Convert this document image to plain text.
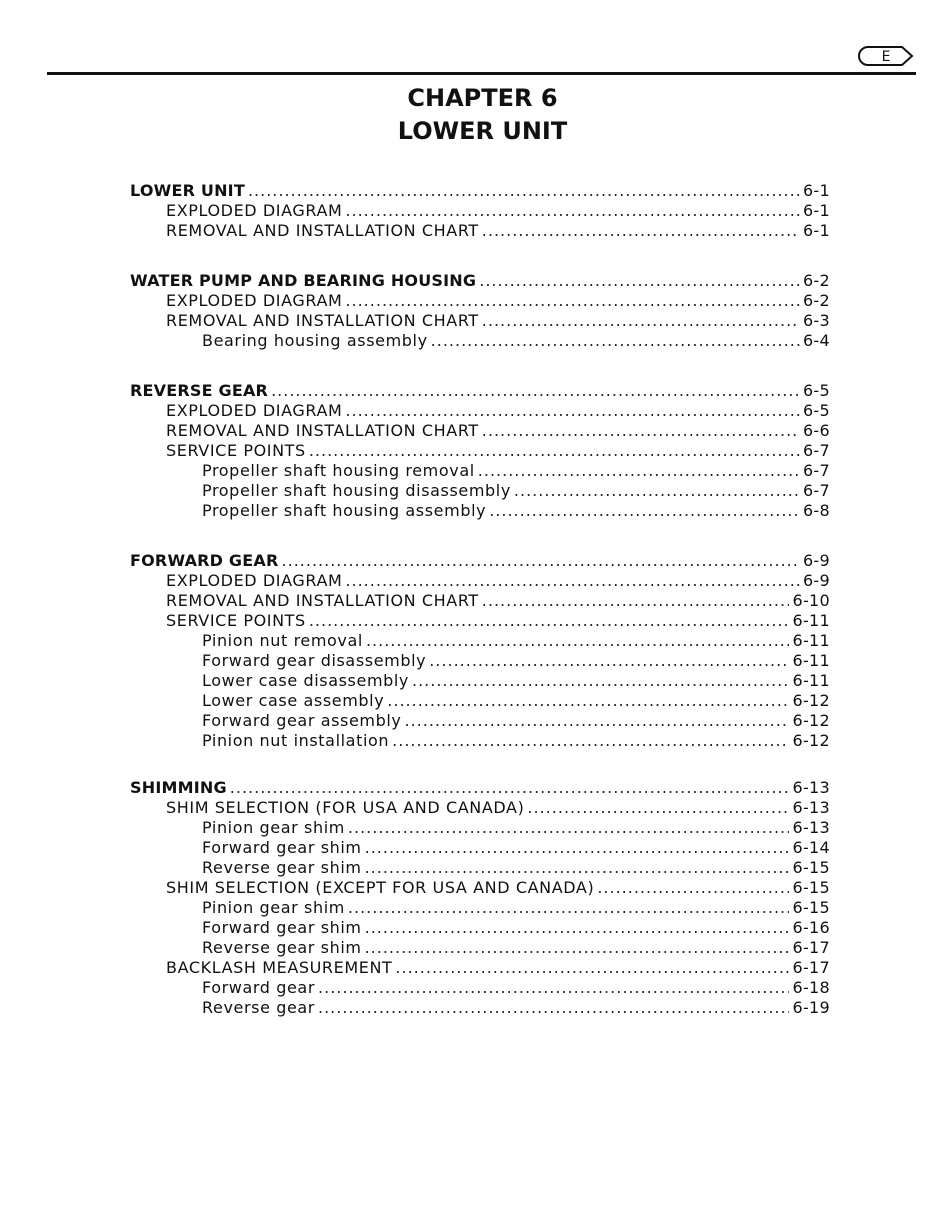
E
CHAPTER 6
LOWER UNIT
LOWER UNIT .....	6-1
EXPLODED DIAGRAM .....	6-1
REMOVAL AND INSTALLATION CHART .....	6-1
WATER PUMP AND BEARING HOUSING .....	6-2
EXPLODED DIAGRAM .....	6-2
REMOVAL AND INSTALLATION CHART .....	6-3
Bearing housing assembly .....	6-4
REVERSE GEAR .....	6-5
EXPLODED DIAGRAM .....	6-5
REMOVAL AND INSTALLATION CHART .....	6-6
SERVICE POINTS .....	6-7
Propeller shaft housing removal .....	6-7
Propeller shaft housing disassembly .....	6-7
Propeller shaft housing assembly .....	6-8
FORWARD GEAR .....	6-9
EXPLODED DIAGRAM .....	6-9
REMOVAL AND INSTALLATION CHART .....	6-10
SERVICE POINTS .....	6-11
Pinion nut removal .....	6-11
Forward gear disassembly .....	6-11
Lower case disassembly .....	6-11
Lower case assembly .....	6-12
Forward gear assembly .....	6-12
Pinion nut installation .....	6-12
SHIMMING .....	6-13
SHIM SELECTION (FOR USA AND CANADA) .....	6-13
Pinion gear shim .....	6-13
Forward gear shim .....	6-14
Reverse gear shim .....	6-15
SHIM SELECTION (EXCEPT FOR USA AND CANADA) .....	6-15
Pinion gear shim .....	6-15
Forward gear shim .....	6-16
Reverse gear shim .....	6-17
BACKLASH MEASUREMENT .....	6-17
Forward gear .....	6-18
Reverse gear .....	6-19
